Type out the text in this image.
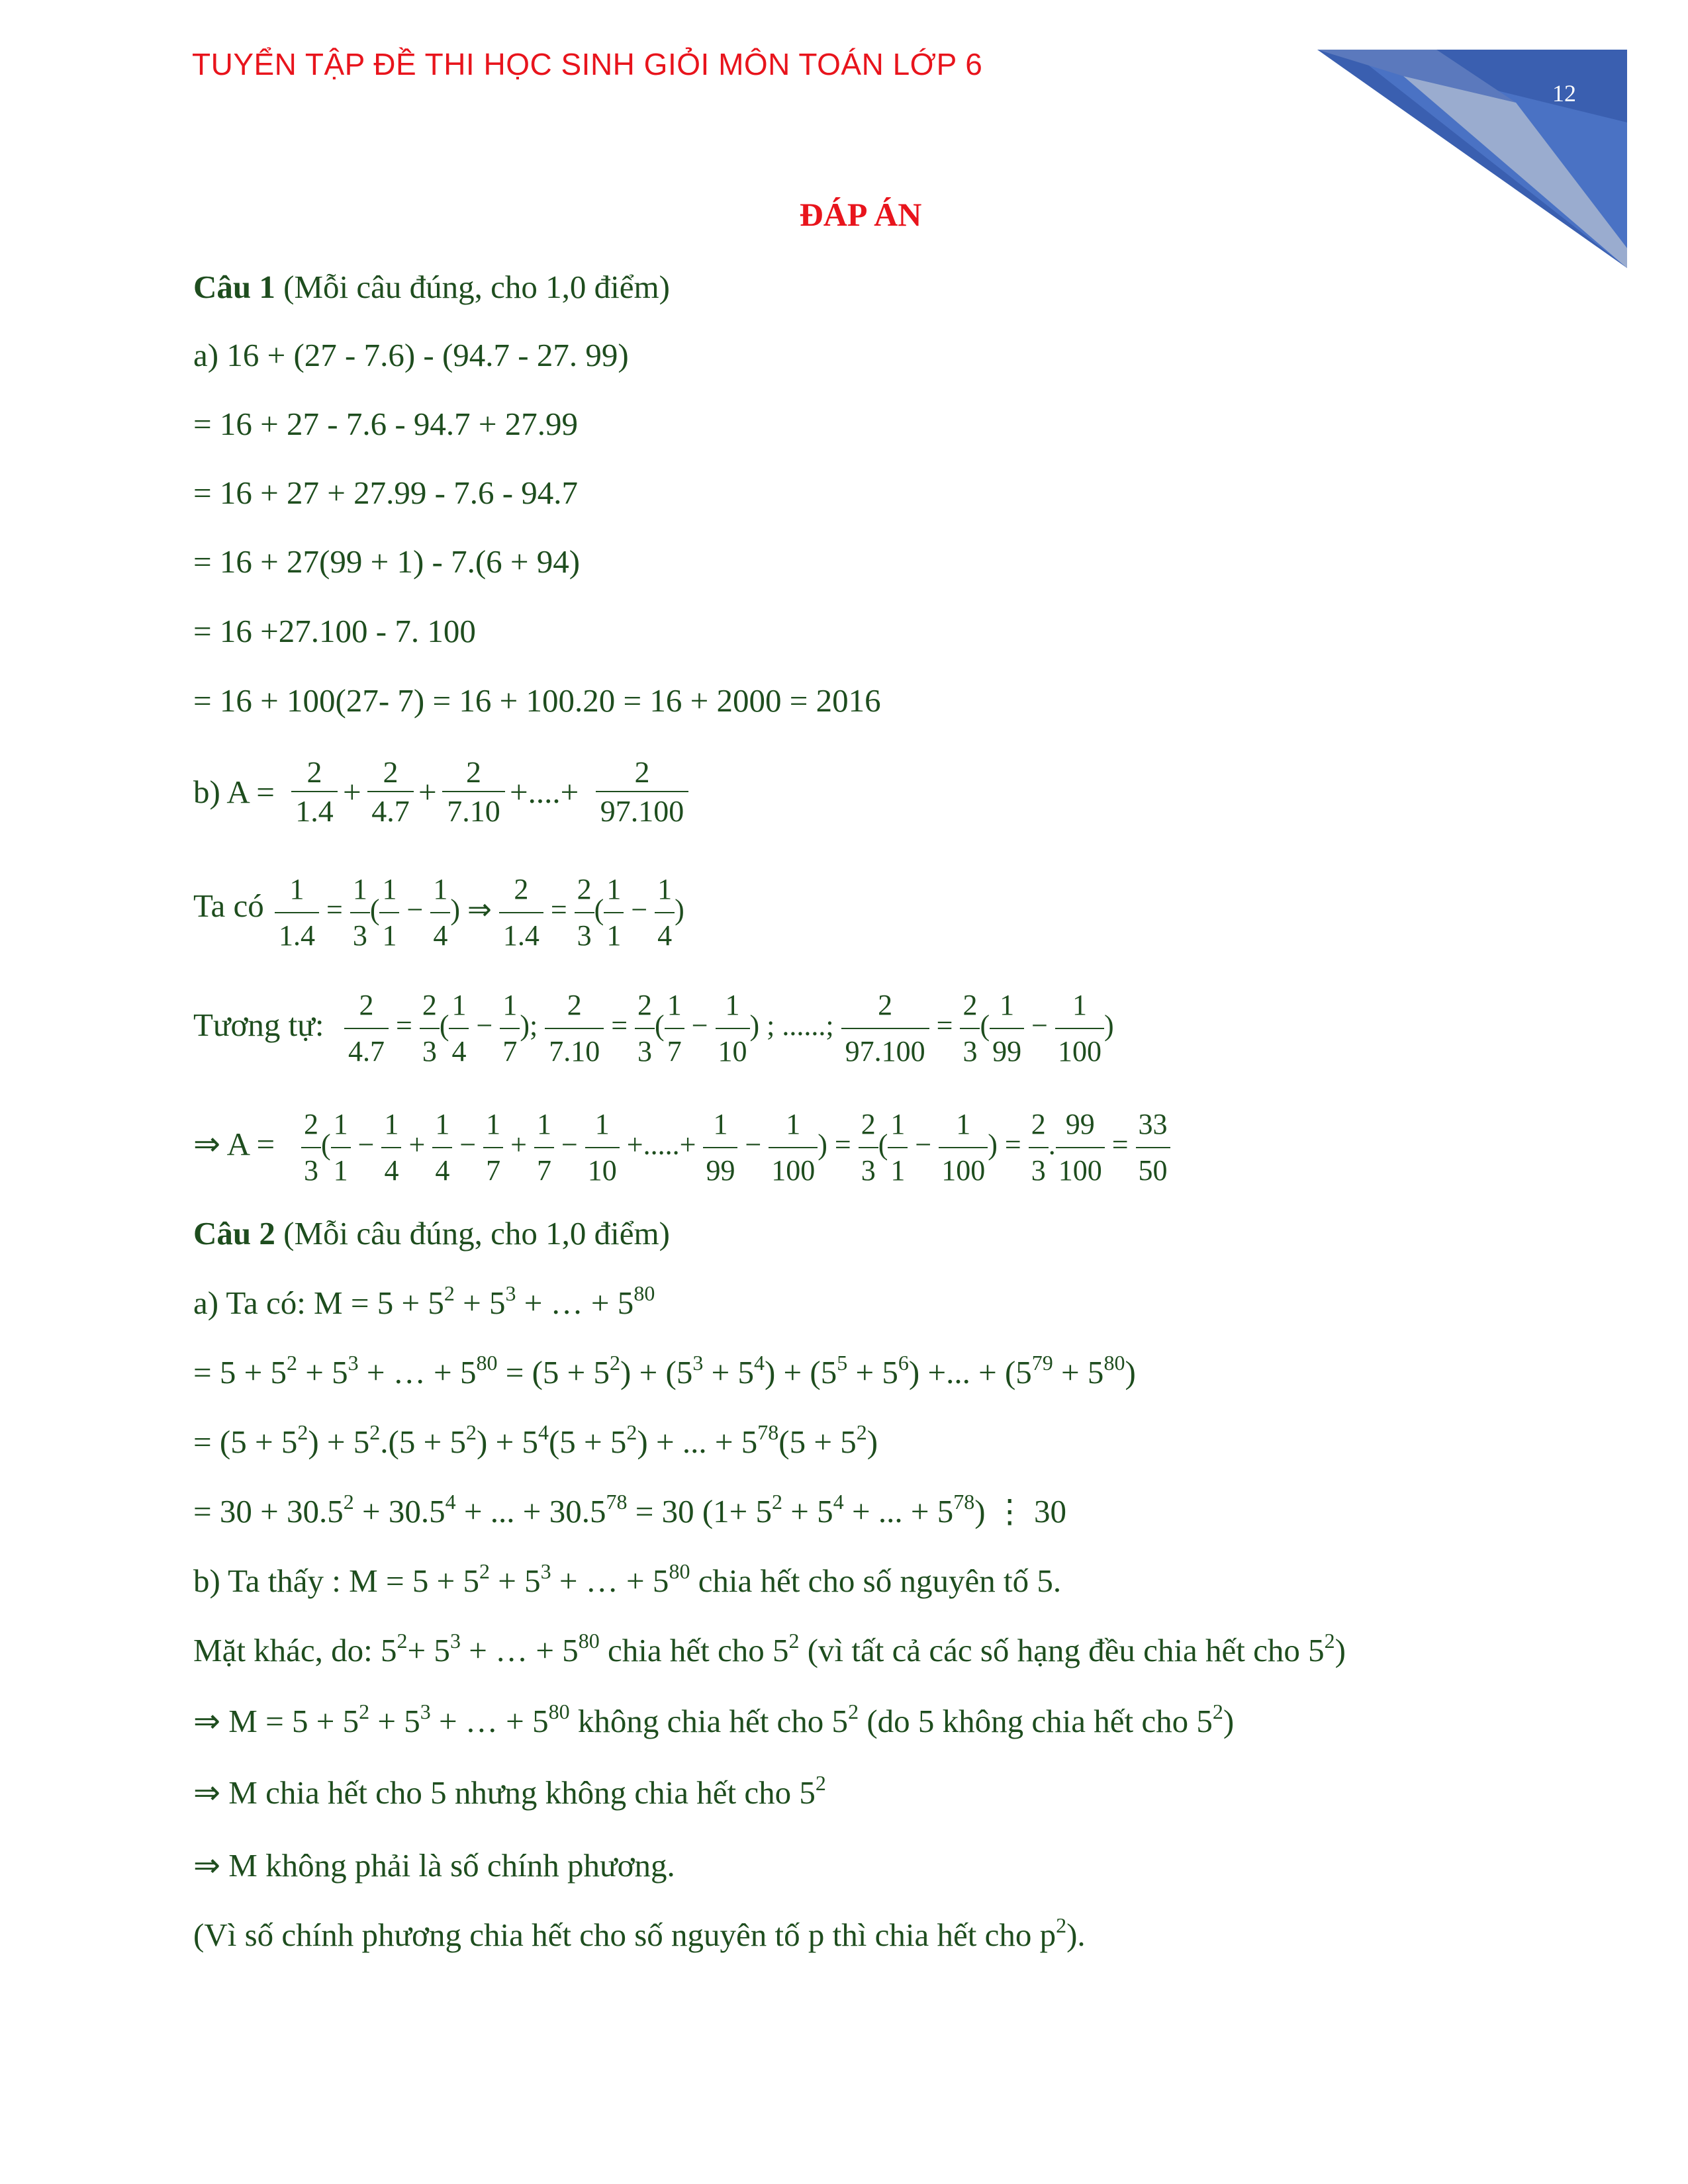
TUYỂN TẬP ĐỀ THI HỌC SINH GIỎI MÔN TOÁN LỚP 6
12
ĐÁP ÁN
Câu 1 (Mỗi câu đúng, cho 1,0 điểm)
a) 16 + (27 - 7.6) - (94.7 - 27. 99)
= 16 + 27 - 7.6 - 94.7 + 27.99
= 16 + 27 + 27.99 - 7.6 - 94.7
= 16 + 27(99 + 1) - 7.(6 + 94)
= 16 +27.100 - 7. 100
= 16 + 100(27- 7) = 16 + 100.20 = 16 + 2000 = 2016
b) A =
2
1.4
+
2
4.7
+
2
7.10
+....+
2
97.100
Ta có 1
1.4 = 1
3(1
1 − 1
4) ⇒ 2
1.4 = 2
3(1
1 − 1
4)
Tương tự:
2
4.7 = 2
3(1
4 − 1
7); 2
7.10 = 2
3(1
7 − 1
10) ; ......; 2
97.100 = 2
3(1
99 − 1
100)
⇒ A =
2
3(1
1 − 1
4 + 1
4 − 1
7 + 1
7 − 1
10 +.....+ 1
99 − 1
100) = 2
3(1
1 − 1
100) = 2
3.99
$100 = \frac{33}{50}$
Câu 2 (Mỗi câu đúng, cho 1,0 điểm)
a) Ta có: $M = 5 + 5^2 + 5^3$ + … + $5^{80}$
= $5 + 5^2 + 5^3$ + … + $5^{80} = (5 + 5^2) + (5^3 + 5^4) + (5^5 + 5^6)$ +... + $(5^{79} + 5^{80})$
= $(5 + 5^2) + 5^2.(5 + 5^2) + 5^4(5 + 5^2)$ + ... + $5^{78}(5 + 5^2)$
= $30 + 30.5^2 + 30.5^4$ + ... + $30.5^{78} = 30$ ($1+ 5^2 + 5^4$ + ... + $5^{78}$) ⋮ 30
b) Ta thấy : $M = 5 + 5^2 + 5^3$ + … + $5^{80}$ chia hết cho số nguyên tố 5.
Mặt khác, do: $5^2+ 5^3$ + … + $5^{80}$ chia hết cho $5^2$ (vì tất cả các số hạng đều chia hết cho $5^2$)
⇒ $M = 5 + 5^2 + 5^3$ + … + $5^{80}$ không chia hết cho $5^2$ (do 5 không chia hết cho $5^2$)
⇒ M chia hết cho 5 nhưng không chia hết cho $5^2$
⇒ M không phải là số chính phương.
(Vì số chính phương chia hết cho số nguyên tố p thì chia hết cho $p^2$).
